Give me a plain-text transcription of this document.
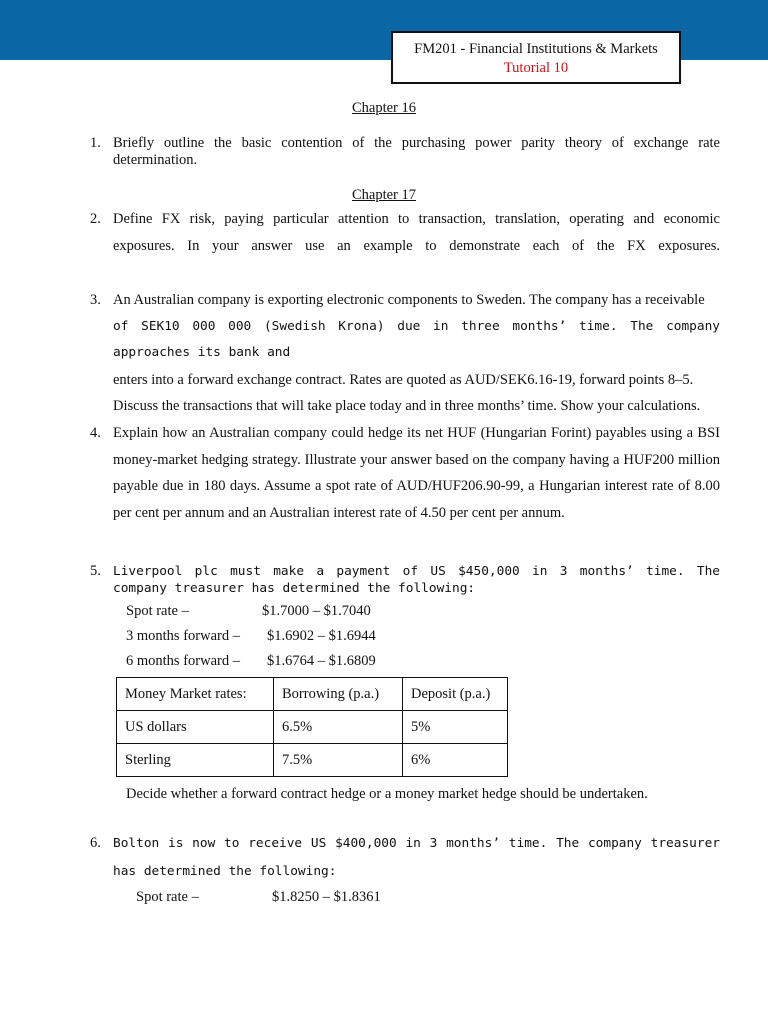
FM201 - Financial Institutions & Markets
Tutorial 10
Chapter 16
1. Briefly outline the basic contention of the purchasing power parity theory of exchange rate determination.
Chapter 17
2. Define FX risk, paying particular attention to transaction, translation, operating and economic exposures. In your answer use an example to demonstrate each of the FX exposures.
3. An Australian company is exporting electronic components to Sweden. The company has a receivable
of SEK10 000 000 (Swedish Krona) due in three months’ time. The company approaches its bank and
enters into a forward exchange contract. Rates are quoted as AUD/SEK6.16-19, forward points 8–5.
Discuss the transactions that will take place today and in three months’ time. Show your calculations.
4. Explain how an Australian company could hedge its net HUF (Hungarian Forint) payables using a BSI money-market hedging strategy. Illustrate your answer based on the company having a HUF200 million payable due in 180 days. Assume a spot rate of AUD/HUF206.90-99, a Hungarian interest rate of 8.00 per cent per annum and an Australian interest rate of 4.50 per cent per annum.
5. Liverpool plc must make a payment of US $450,000 in 3 months’ time. The company treasurer has determined the following:
Spot rate –	$1.7000 – $1.7040
3 months forward – $1.6902 – $1.6944
6 months forward – $1.6764 – $1.6809
Money Market rates:	Borrowing (p.a.)	Deposit (p.a.)
US dollars	6.5%	5%
Sterling	7.5%	6%
Decide whether a forward contract hedge or a money market hedge should be undertaken.
6. Bolton is now to receive US $400,000 in 3 months’ time. The company treasurer has determined the following:
Spot rate –	$1.8250 – $1.8361
